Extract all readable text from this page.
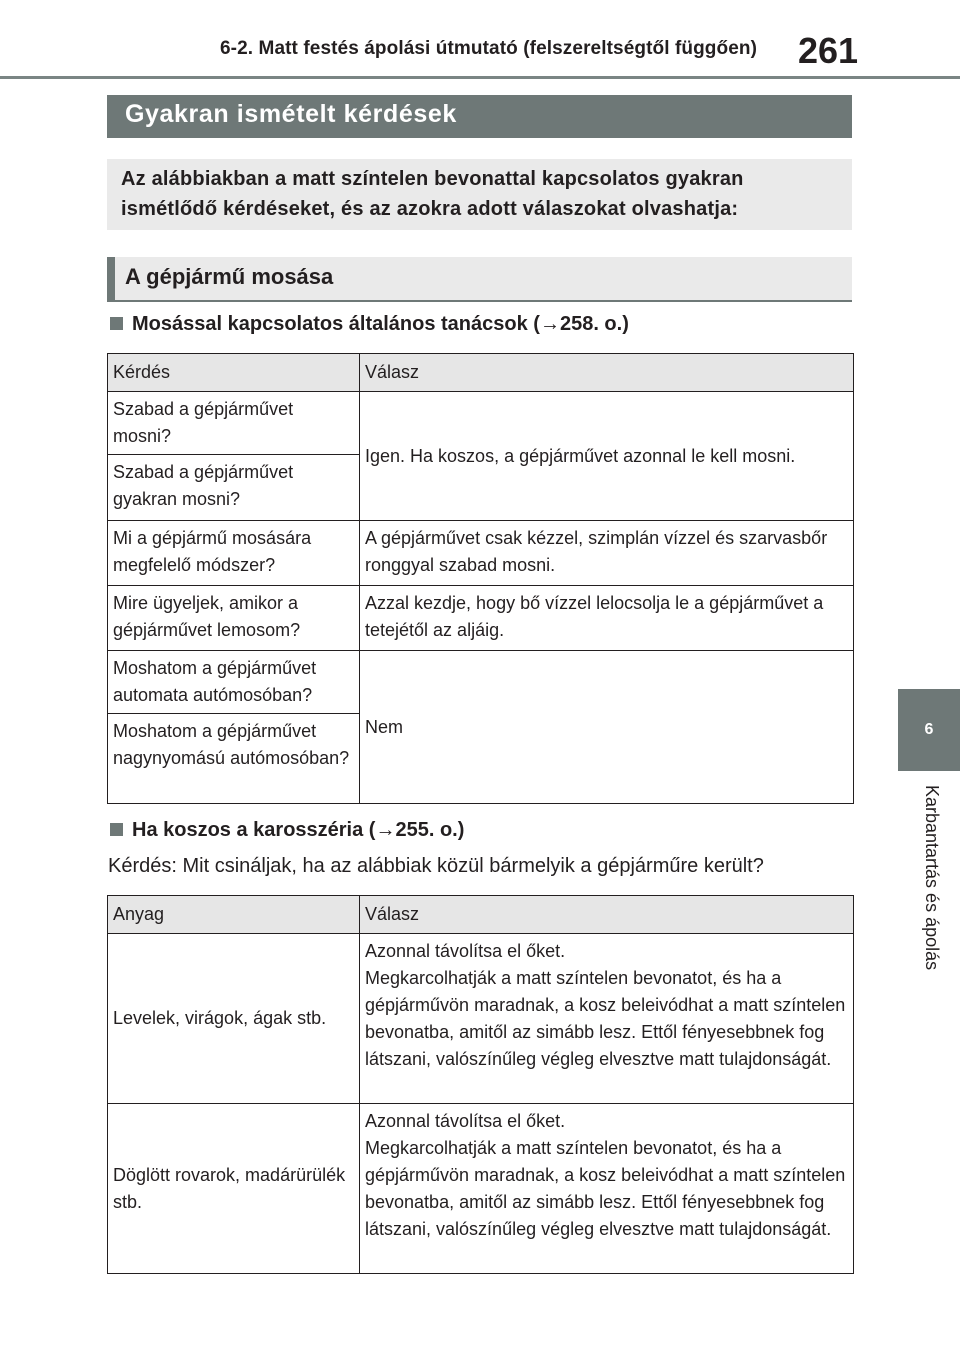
6-2. Matt festés ápolási útmutató (felszereltségtől függően) 261
6
Karbantartás és ápolás
Gyakran ismételt kérdések
Az alábbiakban a matt színtelen bevonattal kapcsolatos gyakran ismétlődő kérdéseket, és az azokra adott válaszokat olvashatja:
A gépjármű mosása
Mosással kapcsolatos általános tanácsok (→258. o.)
Kérdés	Válasz
Szabad a gépjárművet mosni?	Igen. Ha koszos, a gépjárművet azonnal le kell mosni.
Szabad a gépjárművet gyakran mosni?	
Mi a gépjármű mosására megfelelő módszer?	A gépjárművet csak kézzel, szimplán vízzel és szarvasbőr ronggyal szabad mosni.
Mire ügyeljek, amikor a gépjárművet lemosom?	Azzal kezdje, hogy bő vízzel lelocsolja le a gépjárművet a tetejétől az aljáig.
Moshatom a gépjárművet automata autómosóban?	Nem
Moshatom a gépjárművet nagynyomású autómosóban?	
Ha koszos a karosszéria (→255. o.)
Kérdés: Mit csináljak, ha az alábbiak közül bármelyik a gépjárműre került?
Anyag	Válasz
Levelek, virágok, ágak stb.	Azonnal távolítsa el őket.
Megkarcolhatják a matt színtelen bevonatot, és ha a gépjárművön maradnak, a kosz beleivódhat a matt színtelen bevonatba, amitől az simább lesz. Ettől fényesebbnek fog látszani, valószínűleg végleg elvesztve matt tulajdonságát.
Döglött rovarok, madárürülék stb.	Azonnal távolítsa el őket.
Megkarcolhatják a matt színtelen bevonatot, és ha a gépjárművön maradnak, a kosz beleivódhat a matt színtelen bevonatba, amitől az simább lesz. Ettől fényesebbnek fog látszani, valószínűleg végleg elvesztve matt tulajdonságát.
